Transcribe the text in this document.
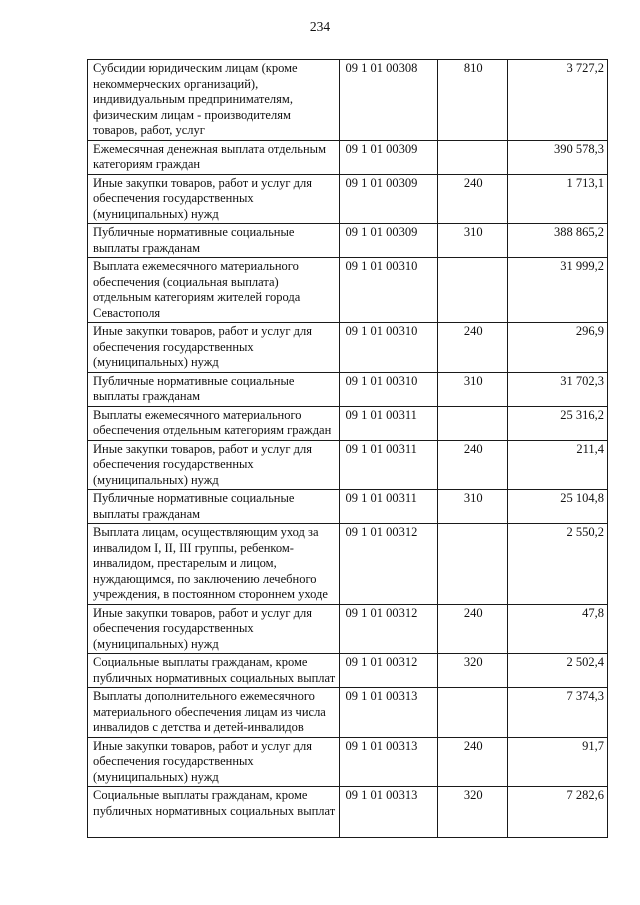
234
Субсидии юридическим лицам (кроме некоммерческих организаций), индивидуальным предпринимателям, физическим лицам - производителям товаров, работ, услуг	09 1 01 00308	810	3 727,2
Ежемесячная денежная выплата отдельным категориям граждан	09 1 01 00309		390 578,3
Иные закупки товаров, работ и услуг для обеспечения государственных (муниципальных) нужд	09 1 01 00309	240	1 713,1
Публичные нормативные социальные выплаты гражданам	09 1 01 00309	310	388 865,2
Выплата ежемесячного материального обеспечения (социальная выплата) отдельным категориям жителей города Севастополя	09 1 01 00310		31 999,2
Иные закупки товаров, работ и услуг для обеспечения государственных (муниципальных) нужд	09 1 01 00310	240	296,9
Публичные нормативные социальные выплаты гражданам	09 1 01 00310	310	31 702,3
Выплаты ежемесячного материального обеспечения отдельным категориям граждан	09 1 01 00311		25 316,2
Иные закупки товаров, работ и услуг для обеспечения государственных (муниципальных) нужд	09 1 01 00311	240	211,4
Публичные нормативные социальные выплаты гражданам	09 1 01 00311	310	25 104,8
Выплата лицам, осуществляющим уход за инвалидом I, II, III группы, ребенком-инвалидом, престарелым и лицом, нуждающимся, по заключению лечебного учреждения, в постоянном стороннем уходе	09 1 01 00312		2 550,2
Иные закупки товаров, работ и услуг для обеспечения государственных (муниципальных) нужд	09 1 01 00312	240	47,8
Социальные выплаты гражданам, кроме публичных нормативных социальных выплат	09 1 01 00312	320	2 502,4
Выплаты дополнительного ежемесячного материального обеспечения лицам из числа инвалидов с детства и детей-инвалидов	09 1 01 00313		7 374,3
Иные закупки товаров, работ и услуг для обеспечения государственных (муниципальных) нужд	09 1 01 00313	240	91,7
Социальные выплаты гражданам, кроме публичных нормативных социальных выплат	09 1 01 00313	320	7 282,6
